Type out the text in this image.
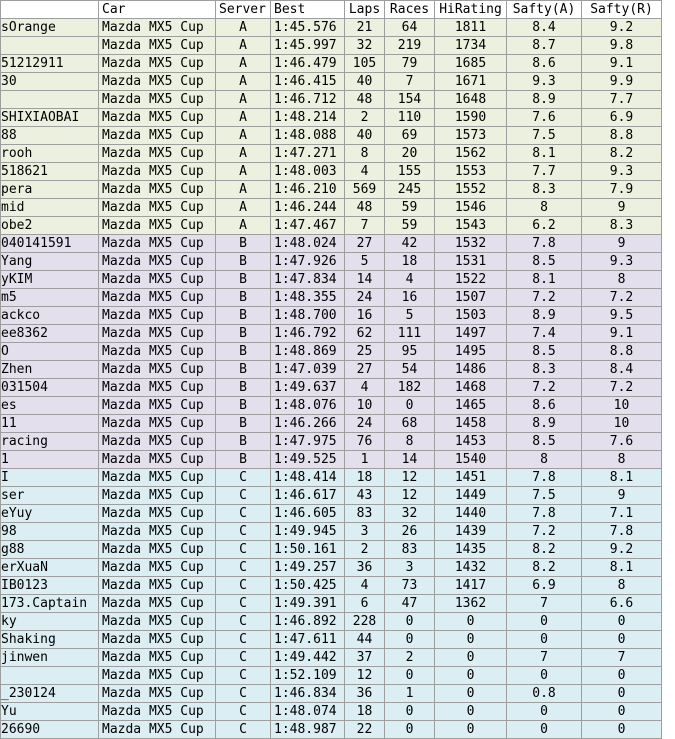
	Car	Server	Best	Laps	Races	HiRating	Safty(A)	Safty(R)
sOrange	Mazda MX5 Cup	A	1:45.576	21	64	1811	8.4	9.2
	Mazda MX5 Cup	A	1:45.997	32	219	1734	8.7	9.8
51212911	Mazda MX5 Cup	A	1:46.479	105	79	1685	8.6	9.1
30	Mazda MX5 Cup	A	1:46.415	40	7	1671	9.3	9.9
	Mazda MX5 Cup	A	1:46.712	48	154	1648	8.9	7.7
SHIXIAOBAI	Mazda MX5 Cup	A	1:48.214	2	110	1590	7.6	6.9
88	Mazda MX5 Cup	A	1:48.088	40	69	1573	7.5	8.8
rooh	Mazda MX5 Cup	A	1:47.271	8	20	1562	8.1	8.2
518621	Mazda MX5 Cup	A	1:48.003	4	155	1553	7.7	9.3
pera	Mazda MX5 Cup	A	1:46.210	569	245	1552	8.3	7.9
mid	Mazda MX5 Cup	A	1:46.244	48	59	1546	8	9
obe2	Mazda MX5 Cup	A	1:47.467	7	59	1543	6.2	8.3
040141591	Mazda MX5 Cup	B	1:48.024	27	42	1532	7.8	9
Yang	Mazda MX5 Cup	B	1:47.926	5	18	1531	8.5	9.3
yKIM	Mazda MX5 Cup	B	1:47.834	14	4	1522	8.1	8
m5	Mazda MX5 Cup	B	1:48.355	24	16	1507	7.2	7.2
ackco	Mazda MX5 Cup	B	1:48.700	16	5	1503	8.9	9.5
ee8362	Mazda MX5 Cup	B	1:46.792	62	111	1497	7.4	9.1
O	Mazda MX5 Cup	B	1:48.869	25	95	1495	8.5	8.8
Zhen	Mazda MX5 Cup	B	1:47.039	27	54	1486	8.3	8.4
031504	Mazda MX5 Cup	B	1:49.637	4	182	1468	7.2	7.2
es	Mazda MX5 Cup	B	1:48.076	10	0	1465	8.6	10
11	Mazda MX5 Cup	B	1:46.266	24	68	1458	8.9	10
racing	Mazda MX5 Cup	B	1:47.975	76	8	1453	8.5	7.6
1	Mazda MX5 Cup	B	1:49.525	1	14	1540	8	8
I	Mazda MX5 Cup	C	1:48.414	18	12	1451	7.8	8.1
ser	Mazda MX5 Cup	C	1:46.617	43	12	1449	7.5	9
eYuy	Mazda MX5 Cup	C	1:46.605	83	32	1440	7.8	7.1
98	Mazda MX5 Cup	C	1:49.945	3	26	1439	7.2	7.8
g88	Mazda MX5 Cup	C	1:50.161	2	83	1435	8.2	9.2
erXuaN	Mazda MX5 Cup	C	1:49.257	36	3	1432	8.2	8.1
IB0123	Mazda MX5 Cup	C	1:50.425	4	73	1417	6.9	8
173.Captain	Mazda MX5 Cup	C	1:49.391	6	47	1362	7	6.6
ky	Mazda MX5 Cup	C	1:46.892	228	0	0	0	0
Shaking	Mazda MX5 Cup	C	1:47.611	44	0	0	0	0
jinwen	Mazda MX5 Cup	C	1:49.442	37	2	0	7	7
	Mazda MX5 Cup	C	1:52.109	12	0	0	0	0
_230124	Mazda MX5 Cup	C	1:46.834	36	1	0	0.8	0
Yu	Mazda MX5 Cup	C	1:48.074	18	0	0	0	0
26690	Mazda MX5 Cup	C	1:48.987	22	0	0	0	0
